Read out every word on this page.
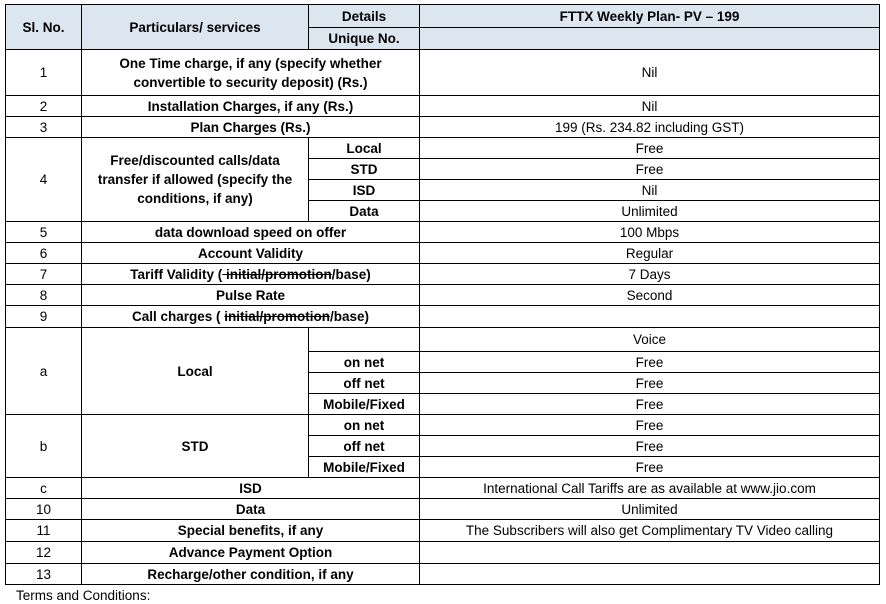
Sl. No.	Particulars/ services	Details	FTTX Weekly Plan- PV – 199
		Unique No.	
1	One Time charge, if any (specify whether convertible to security deposit) (Rs.)		Nil
2	Installation Charges, if any (Rs.)		Nil
3	Plan Charges (Rs.)		199 (Rs. 234.82 including GST)
4	Free/discounted calls/data transfer if allowed (specify the conditions, if any)	Local	Free
		STD	Free
		ISD	Nil
		Data	Unlimited
5	data download speed on offer		100 Mbps
6	Account Validity		Regular
7	Tariff Validity ( initial/promotion/base)		7 Days
8	Pulse Rate		Second
9	Call charges ( initial/promotion/base)		
a	Local		Voice
		on net	Free
		off net	Free
		Mobile/Fixed	Free
b	STD	on net	Free
		off net	Free
		Mobile/Fixed	Free
c	ISD		International Call Tariffs are as available at www.jio.com
10	Data		Unlimited
11	Special benefits, if any		The Subscribers will also get Complimentary TV Video calling
12	Advance Payment Option		
13	Recharge/other condition, if any		
Terms and Conditions:
